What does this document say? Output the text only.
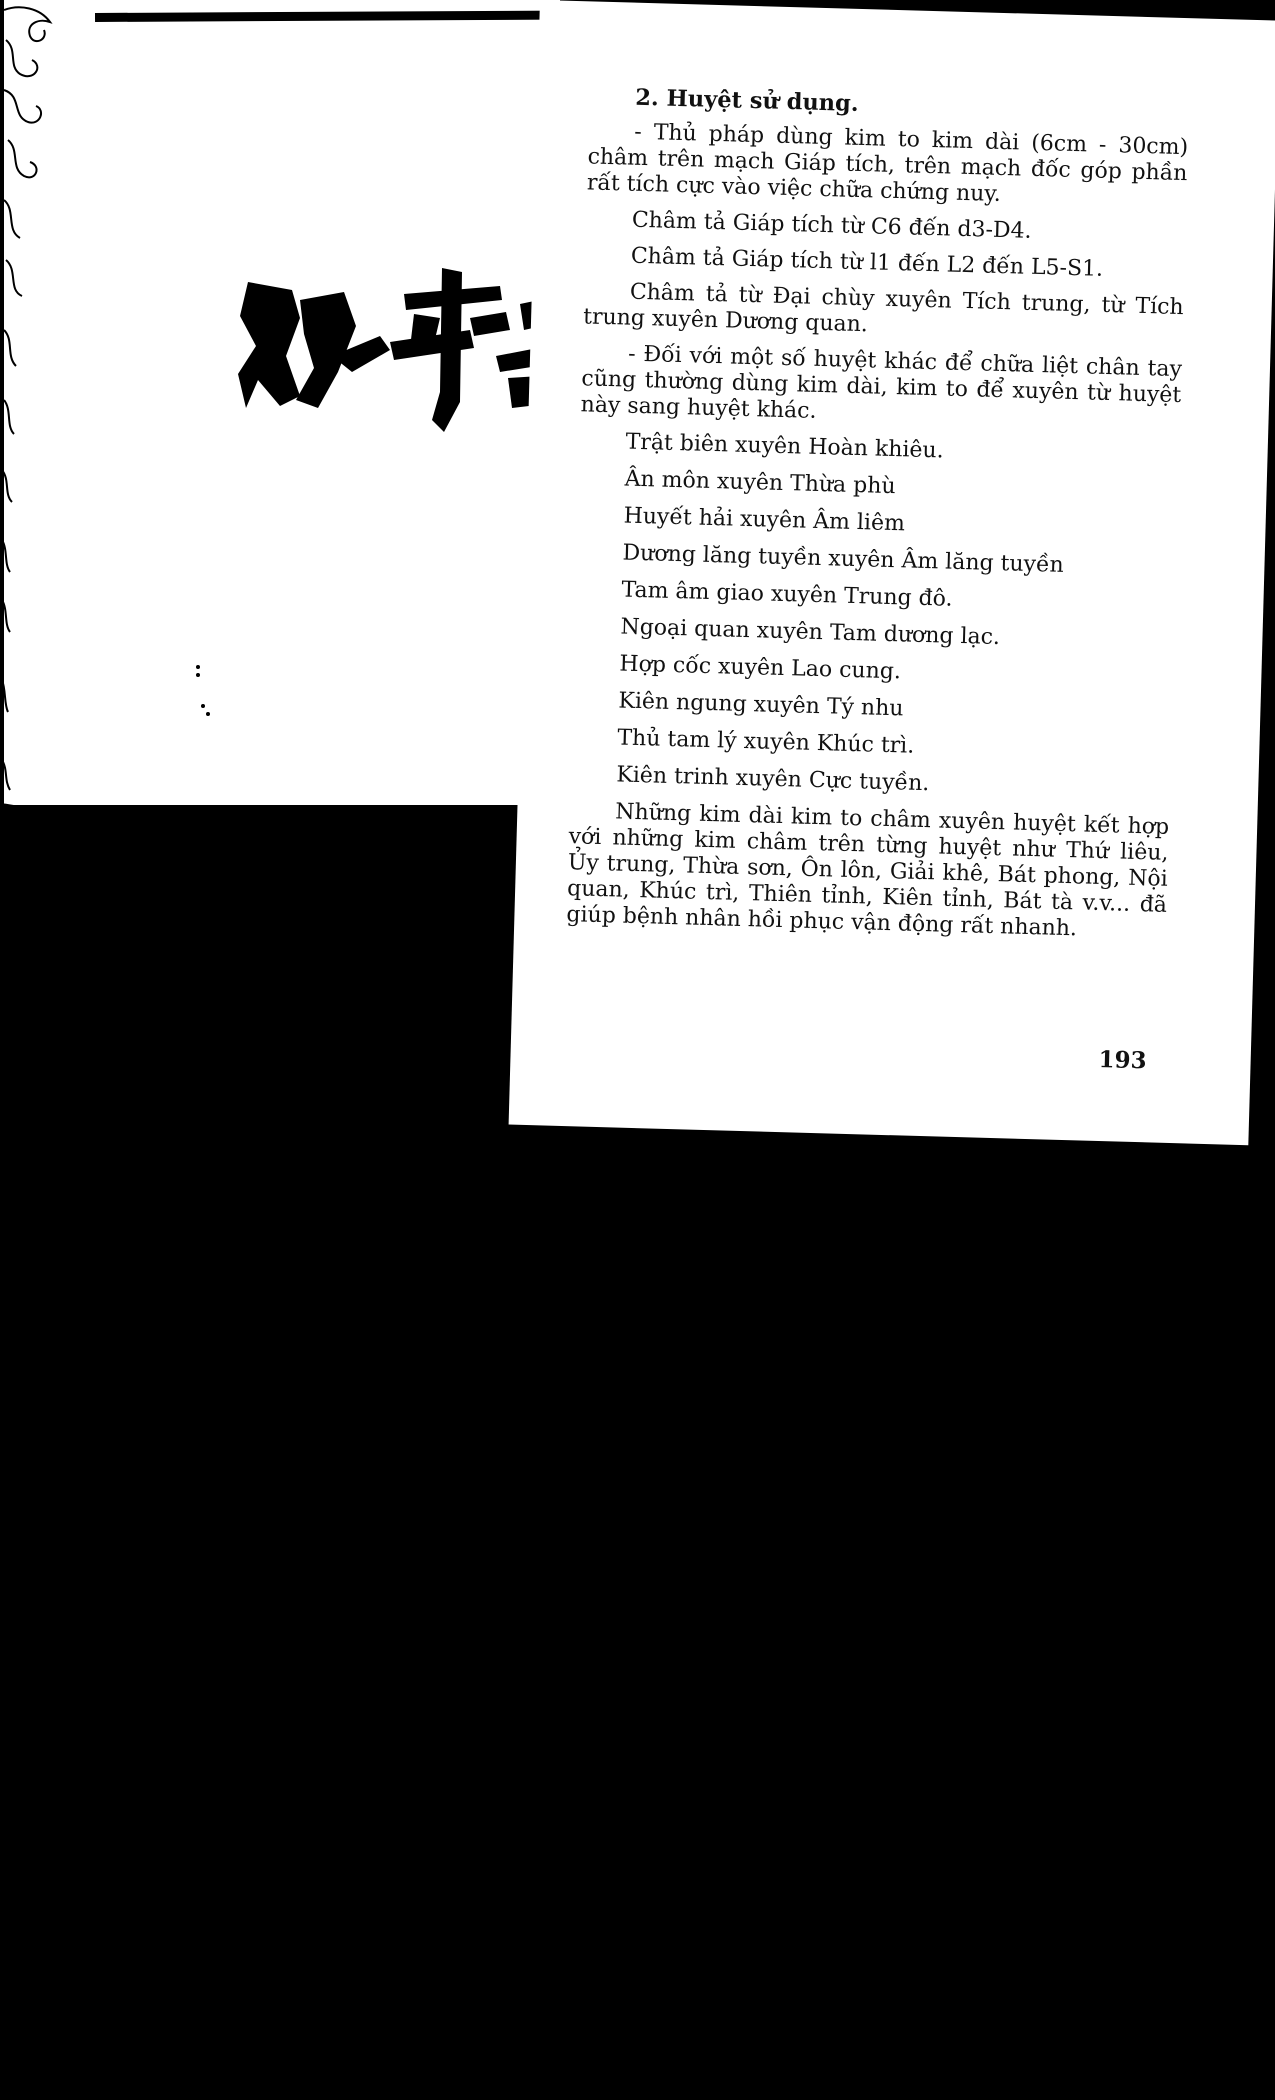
2. Huyệt sử dụng.

- Thủ pháp dùng kim to kim dài (6cm - 30cm) châm trên mạch Giáp tích, trên mạch đốc góp phần rất tích cực vào việc chữa chứng nuy.

Châm tả Giáp tích từ C6 đến d3-D4.

Châm tả Giáp tích từ l1 đến L2 đến L5-S1.

Châm tả từ Đại chùy xuyên Tích trung, từ Tích trung xuyên Dương quan.

- Đối với một số huyệt khác để chữa liệt chân tay cũng thường dùng kim dài, kim to để xuyên từ huyệt này sang huyệt khác.

Trật biên xuyên Hoàn khiêu.
Ân môn xuyên Thừa phù
Huyết hải xuyên Âm liêm
Dương lăng tuyền xuyên Âm lăng tuyền
Tam âm giao xuyên Trung đô.
Ngoại quan xuyên Tam dương lạc.
Hợp cốc xuyên Lao cung.
Kiên ngung xuyên Tý nhu
Thủ tam lý xuyên Khúc trì.
Kiên trinh xuyên Cực tuyền.

Những kim dài kim to châm xuyên huyệt kết hợp với những kim châm trên từng huyệt như Thứ liêu, Ủy trung, Thừa sơn, Ôn lôn, Giải khê, Bát phong, Nội quan, Khúc trì, Thiên tỉnh, Kiên tỉnh, Bát tà v.v... đã giúp bệnh nhân hồi phục vận động rất nhanh.

193
